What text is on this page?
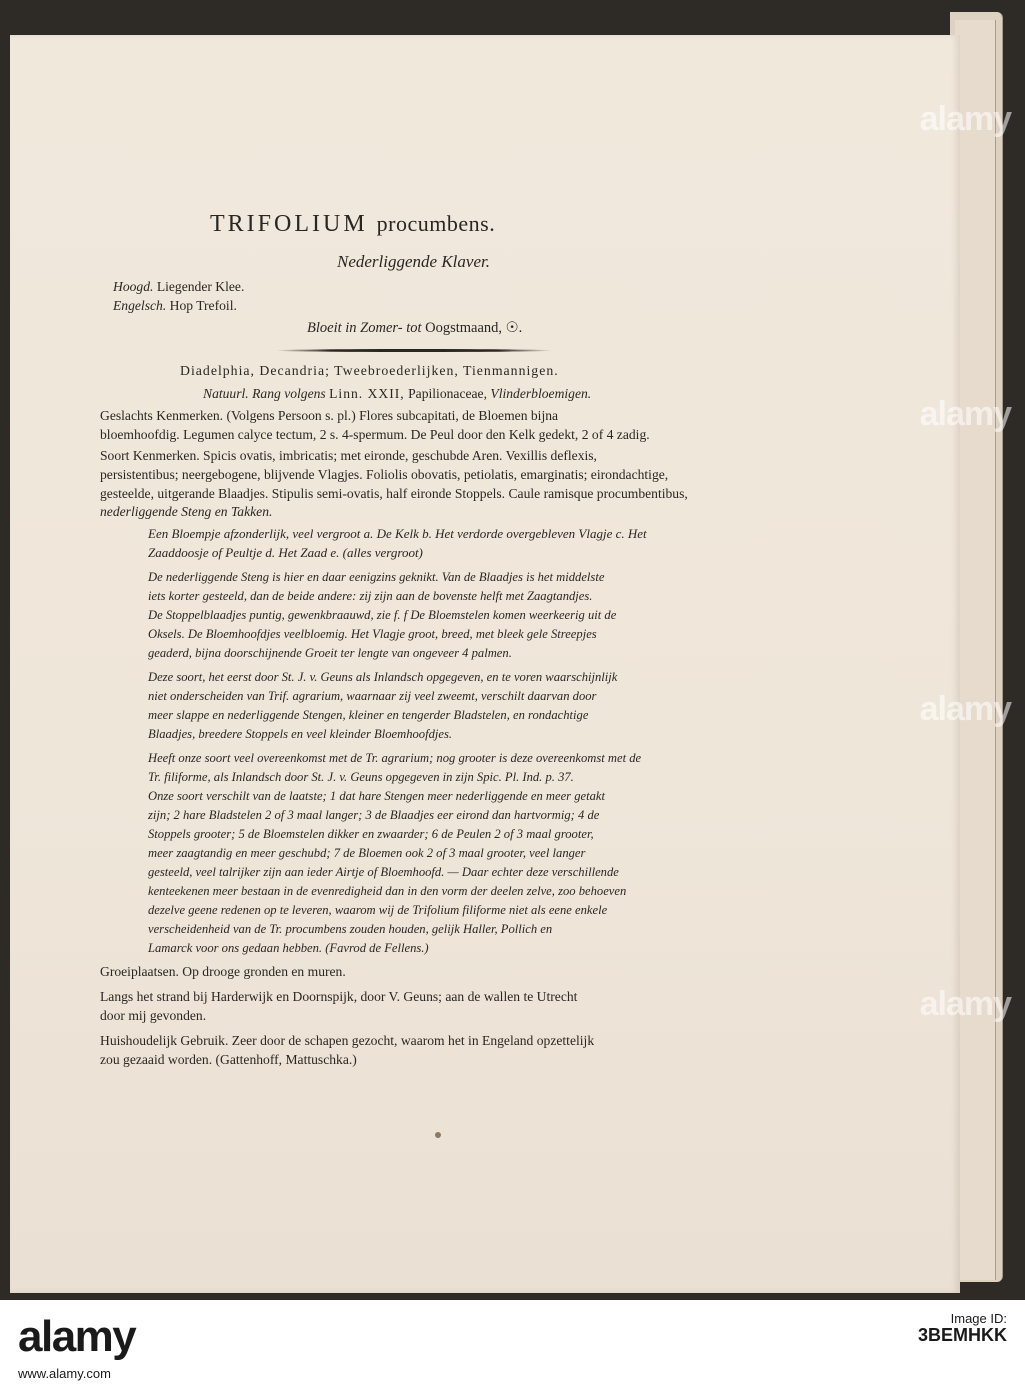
alamy
alamy
alamy
alamy
TRIFOLIUM procumbens.
Nederliggende Klaver.
Hoogd. Liegender Klee.
Engelsch. Hop Trefoil.
Bloeit in Zomer- tot Oogstmaand, ☉.
Diadelphia, Decandria; Tweebroederlijken, Tienmannigen.
Natuurl. Rang volgens Linn. XXII, Papilionaceae, Vlinderbloemigen.
Geslachts Kenmerken. (Volgens Persoon s. pl.) Flores subcapitati, de Bloemen bijna
bloemhoofdig. Legumen calyce tectum, 2 s. 4-spermum. De Peul door den Kelk gedekt, 2 of 4 zadig.
Soort Kenmerken. Spicis ovatis, imbricatis; met eironde, geschubde Aren. Vexillis deflexis,
persistentibus; neergebogene, blijvende Vlagjes. Foliolis obovatis, petiolatis, emarginatis; eirondachtige,
gesteelde, uitgerande Blaadjes. Stipulis semi-ovatis, half eironde Stoppels. Caule ramisque procumbentibus,
nederliggende Steng en Takken.
Een Bloempje afzonderlijk, veel vergroot a. De Kelk b. Het verdorde overgebleven Vlagje c. Het
Zaaddoosje of Peultje d. Het Zaad e. (alles vergroot)
De nederliggende Steng is hier en daar eenigzins geknikt. Van de Blaadjes is het middelste
iets korter gesteeld, dan de beide andere: zij zijn aan de bovenste helft met Zaagtandjes.
De Stoppelblaadjes puntig, gewenkbraauwd, zie f. f De Bloemstelen komen weerkeerig uit de
Oksels. De Bloemhoofdjes veelbloemig. Het Vlagje groot, breed, met bleek gele Streepjes
geaderd, bijna doorschijnende Groeit ter lengte van ongeveer 4 palmen.
Deze soort, het eerst door St. J. v. Geuns als Inlandsch opgegeven, en te voren waarschijnlijk
niet onderscheiden van Trif. agrarium, waarnaar zij veel zweemt, verschilt daarvan door
meer slappe en nederliggende Stengen, kleiner en tengerder Bladstelen, en rondachtige
Blaadjes, breedere Stoppels en veel kleinder Bloemhoofdjes.
Heeft onze soort veel overeenkomst met de Tr. agrarium; nog grooter is deze overeenkomst met de
Tr. filiforme, als Inlandsch door St. J. v. Geuns opgegeven in zijn Spic. Pl. Ind. p. 37.
Onze soort verschilt van de laatste; 1 dat hare Stengen meer nederliggende en meer getakt
zijn; 2 hare Bladstelen 2 of 3 maal langer; 3 de Blaadjes eer eirond dan hartvormig; 4 de
Stoppels grooter; 5 de Bloemstelen dikker en zwaarder; 6 de Peulen 2 of 3 maal grooter,
meer zaagtandig en meer geschubd; 7 de Bloemen ook 2 of 3 maal grooter, veel langer
gesteeld, veel talrijker zijn aan ieder Airtje of Bloemhoofd. — Daar echter deze verschillende
kenteekenen meer bestaan in de evenredigheid dan in den vorm der deelen zelve, zoo behoeven
dezelve geene redenen op te leveren, waarom wij de Trifolium filiforme niet als eene enkele
verscheidenheid van de Tr. procumbens zouden houden, gelijk Haller, Pollich en
Lamarck voor ons gedaan hebben. (Favrod de Fellens.)
Groeiplaatsen. Op drooge gronden en muren.
Langs het strand bij Harderwijk en Doornspijk, door V. Geuns; aan de wallen te Utrecht
door mij gevonden.
Huishoudelijk Gebruik. Zeer door de schapen gezocht, waarom het in Engeland opzettelijk
zou gezaaid worden. (Gattenhoff, Mattuschka.)
alamy	Image ID:
3BEMHKK
www.alamy.com
